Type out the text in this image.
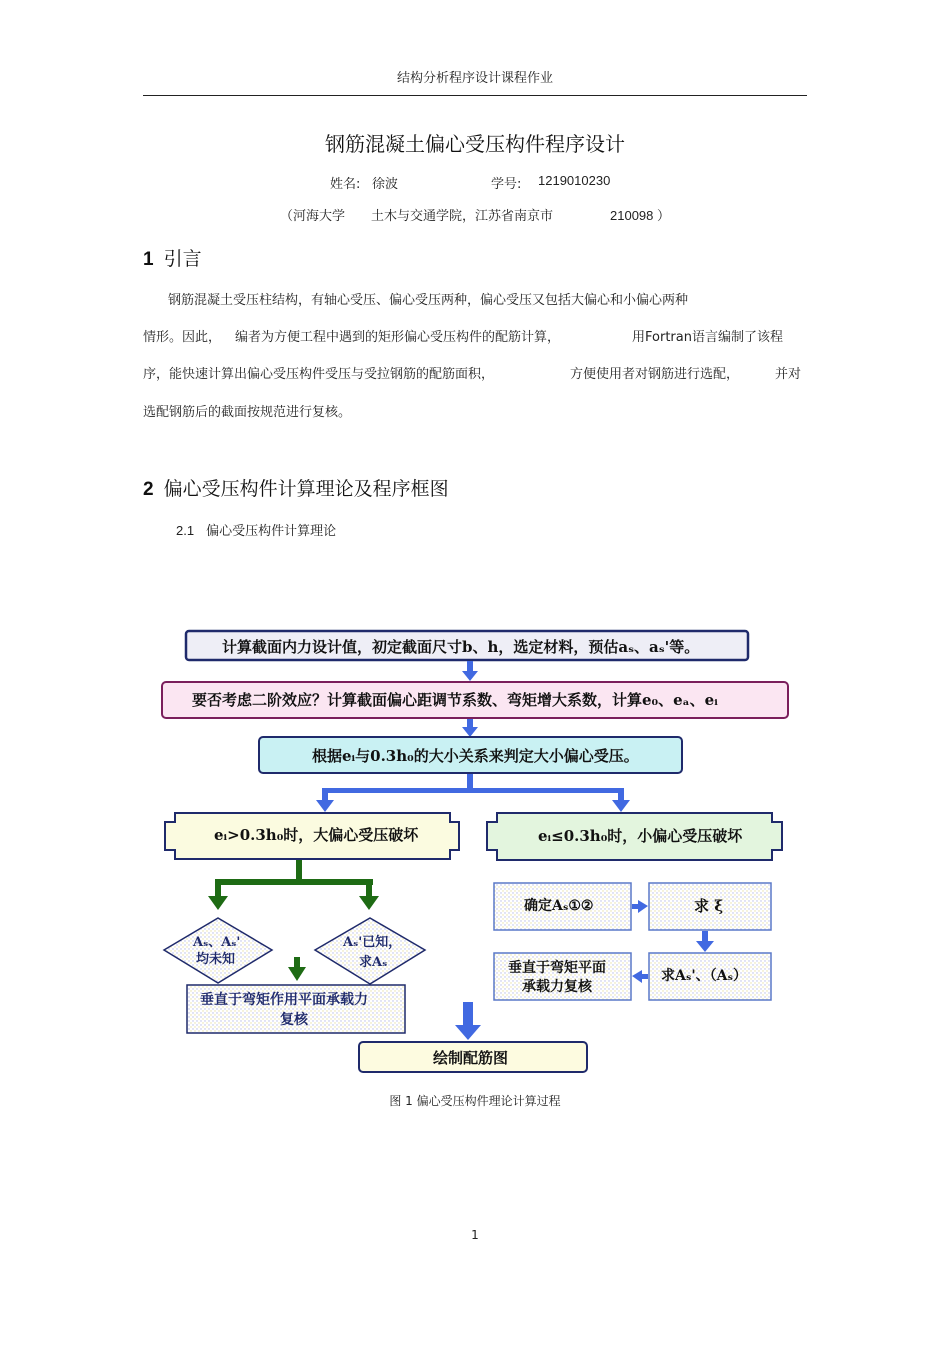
结构分析程序设计课程作业
钢筋混凝土偏心受压构件程序设计
姓名: 徐波	学号: 1219010230
（河海大学 土木与交通学院，江苏省南京市	210098 ）
1 引言
钢筋混凝土受压柱结构，有轴心受压、偏心受压两种，偏心受压又包括大偏心和小偏心两种
情形。因此， 编者为方便工程中遇到的矩形偏心受压构件的配筋计算，	用Fortran语言编制了该程
序，能快速计算出偏心受压构件受压与受拉钢筋的配筋面积，	方便使用者对钢筋进行选配，	并对
选配钢筋后的截面按规范进行复核。
2 偏心受压构件计算理论及程序框图
2.1 偏心受压构件计算理论
计算截面内力设计值，初定截面尺寸b、h，选定材料，预估aₛ、aₛ'等。
要否考虑二阶效应？计算截面偏心距调节系数、弯矩增大系数，计算e₀、eₐ、eᵢ
根据eᵢ与0.3h₀的大小关系来判定大小偏心受压。
eᵢ>0.3h₀时，大偏心受压破坏	eᵢ≤0.3h₀时，小偏心受压破坏
Aₛ、Aₛ'
均未知
Aₛ'已知，
求Aₛ
垂直于弯矩作用平面承载力
复核
确定Aₛ①②	求 ξ
求Aₛ'、（Aₛ）
垂直于弯矩平面
承载力复核
绘制配筋图
图 1 偏心受压构件理论计算过程
1
